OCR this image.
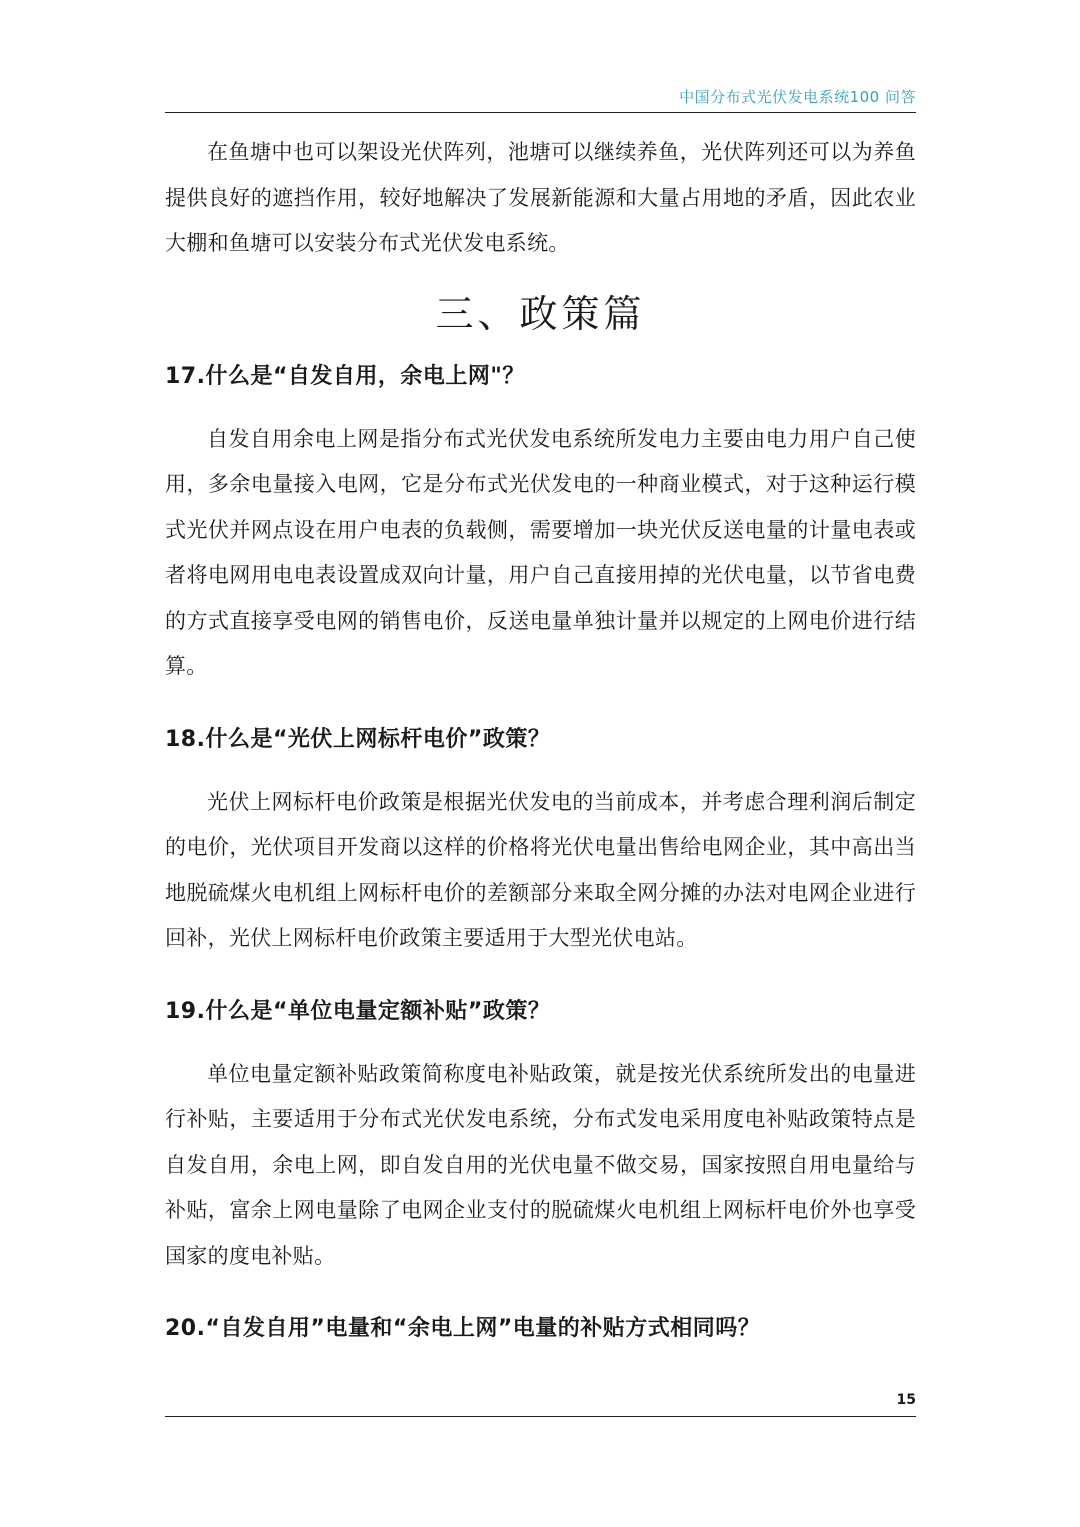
中国分布式光伏发电系统100 问答

在鱼塘中也可以架设光伏阵列，池塘可以继续养鱼，光伏阵列还可以为养鱼提供良好的遮挡作用，较好地解决了发展新能源和大量占用地的矛盾，因此农业大棚和鱼塘可以安装分布式光伏发电系统。

三、政策篇
17.什么是“自发自用，余电上网"？

自发自用余电上网是指分布式光伏发电系统所发电力主要由电力用户自己使用，多余电量接入电网，它是分布式光伏发电的一种商业模式，对于这种运行模式光伏并网点设在用户电表的负载侧，需要增加一块光伏反送电量的计量电表或者将电网用电电表设置成双向计量，用户自己直接用掉的光伏电量，以节省电费的方式直接享受电网的销售电价，反送电量单独计量并以规定的上网电价进行结算。

18.什么是“光伏上网标杆电价”政策？

光伏上网标杆电价政策是根据光伏发电的当前成本，并考虑合理利润后制定的电价，光伏项目开发商以这样的价格将光伏电量出售给电网企业，其中高出当地脱硫煤火电机组上网标杆电价的差额部分来取全网分摊的办法对电网企业进行回补，光伏上网标杆电价政策主要适用于大型光伏电站。

19.什么是“单位电量定额补贴”政策？

单位电量定额补贴政策简称度电补贴政策，就是按光伏系统所发出的电量进行补贴，主要适用于分布式光伏发电系统，分布式发电采用度电补贴政策特点是自发自用，余电上网，即自发自用的光伏电量不做交易，国家按照自用电量给与补贴，富余上网电量除了电网企业支付的脱硫煤火电机组上网标杆电价外也享受国家的度电补贴。

20.“自发自用”电量和“余电上网”电量的补贴方式相同吗？
15
